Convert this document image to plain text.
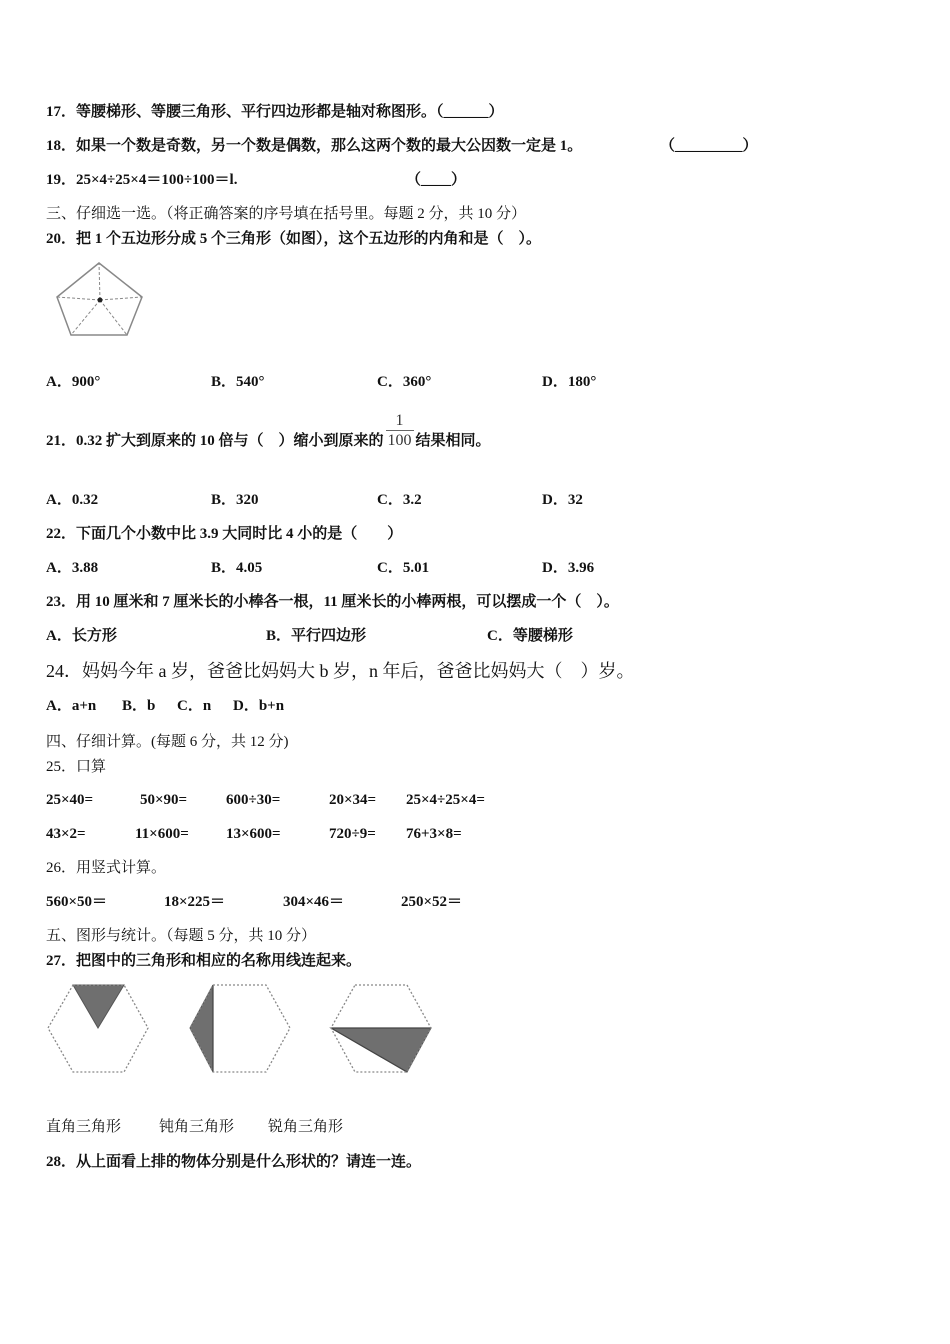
17．等腰梯形、等腰三角形、平行四边形都是轴对称图形。（______）
18．如果一个数是奇数，另一个数是偶数，那么这两个数的最大公因数一定是 1。	（_________）
19．25×4÷25×4＝100÷100＝l.	（____）
三、仔细选一选。（将正确答案的序号填在括号里。每题 2 分，共 10 分）
20．把 1 个五边形分成 5 个三角形（如图），这个五边形的内角和是（　）。
A．900°	B．540°	C．360°	D．180°
21．0.32 扩大到原来的 10 倍与（　）缩小到原来的 $\frac{1}{100}$ 结果相同。
A．0.32	B．320	C．3.2	D．32
22．下面几个小数中比 3.9 大同时比 4 小的是（　　）
A．3.88	B．4.05	C．5.01	D．3.96
23．用 10 厘米和 7 厘米长的小棒各一根，11 厘米长的小棒两根，可以摆成一个（　）。
A．长方形	B．平行四边形	C．等腰梯形
24．妈妈今年 a 岁，爸爸比妈妈大 b 岁，n 年后，爸爸比妈妈大（　）岁。
A．a+n B．b C．n D．b+n
四、仔细计算。(每题 6 分，共 12 分)
25．口算
25×40=	50×90=	600÷30=	20×34= 25×4÷25×4=
43×2=	11×600= 13×600=	720÷9= 76+3×8=
26．用竖式计算。
560×50＝	18×225＝	304×46＝	250×52＝
五、图形与统计。（每题 5 分，共 10 分）
27．把图中的三角形和相应的名称用线连起来。
直角三角形	钝角三角形 锐角三角形
28．从上面看上排的物体分别是什么形状的？请连一连。
